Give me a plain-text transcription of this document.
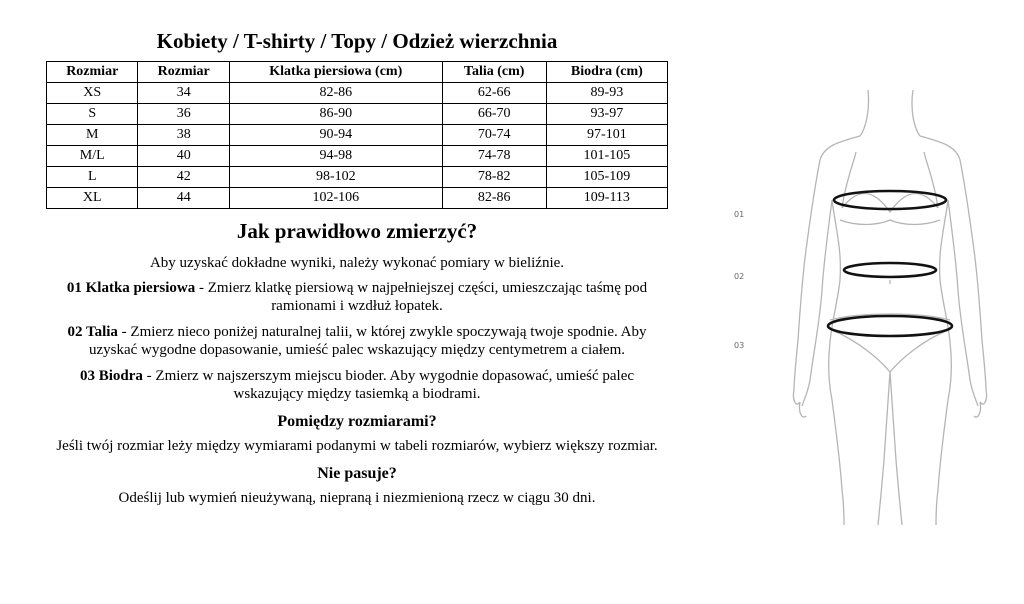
Kobiety / T-shirty / Topy / Odzież wierzchnia
Rozmiar	Rozmiar	Klatka piersiowa (cm)	Talia (cm)	Biodra (cm)
XS	34	82-86	62-66	89-93
S	36	86-90	66-70	93-97
M	38	90-94	70-74	97-101
M/L	40	94-98	74-78	101-105
L	42	98-102	78-82	105-109
XL	44	102-106	82-86	109-113
Jak prawidłowo zmierzyć?

Aby uzyskać dokładne wyniki, należy wykonać pomiary w bieliźnie.

01 Klatka piersiowa - Zmierz klatkę piersiową w najpełniejszej części, umieszczając taśmę pod ramionami i wzdłuż łopatek.

02 Talia - Zmierz nieco poniżej naturalnej talii, w której zwykle spoczywają twoje spodnie. Aby uzyskać wygodne dopasowanie, umieść palec wskazujący między centymetrem a ciałem.

03 Biodra - Zmierz w najszerszym miejscu bioder. Aby wygodnie dopasować, umieść palec wskazujący między tasiemką a biodrami.

Pomiędzy rozmiarami?

Jeśli twój rozmiar leży między wymiarami podanymi w tabeli rozmiarów, wybierz większy rozmiar.

Nie pasuje?

Odeślij lub wymień nieużywaną, niepraną i niezmienioną rzecz w ciągu 30 dni.

01
02
03
